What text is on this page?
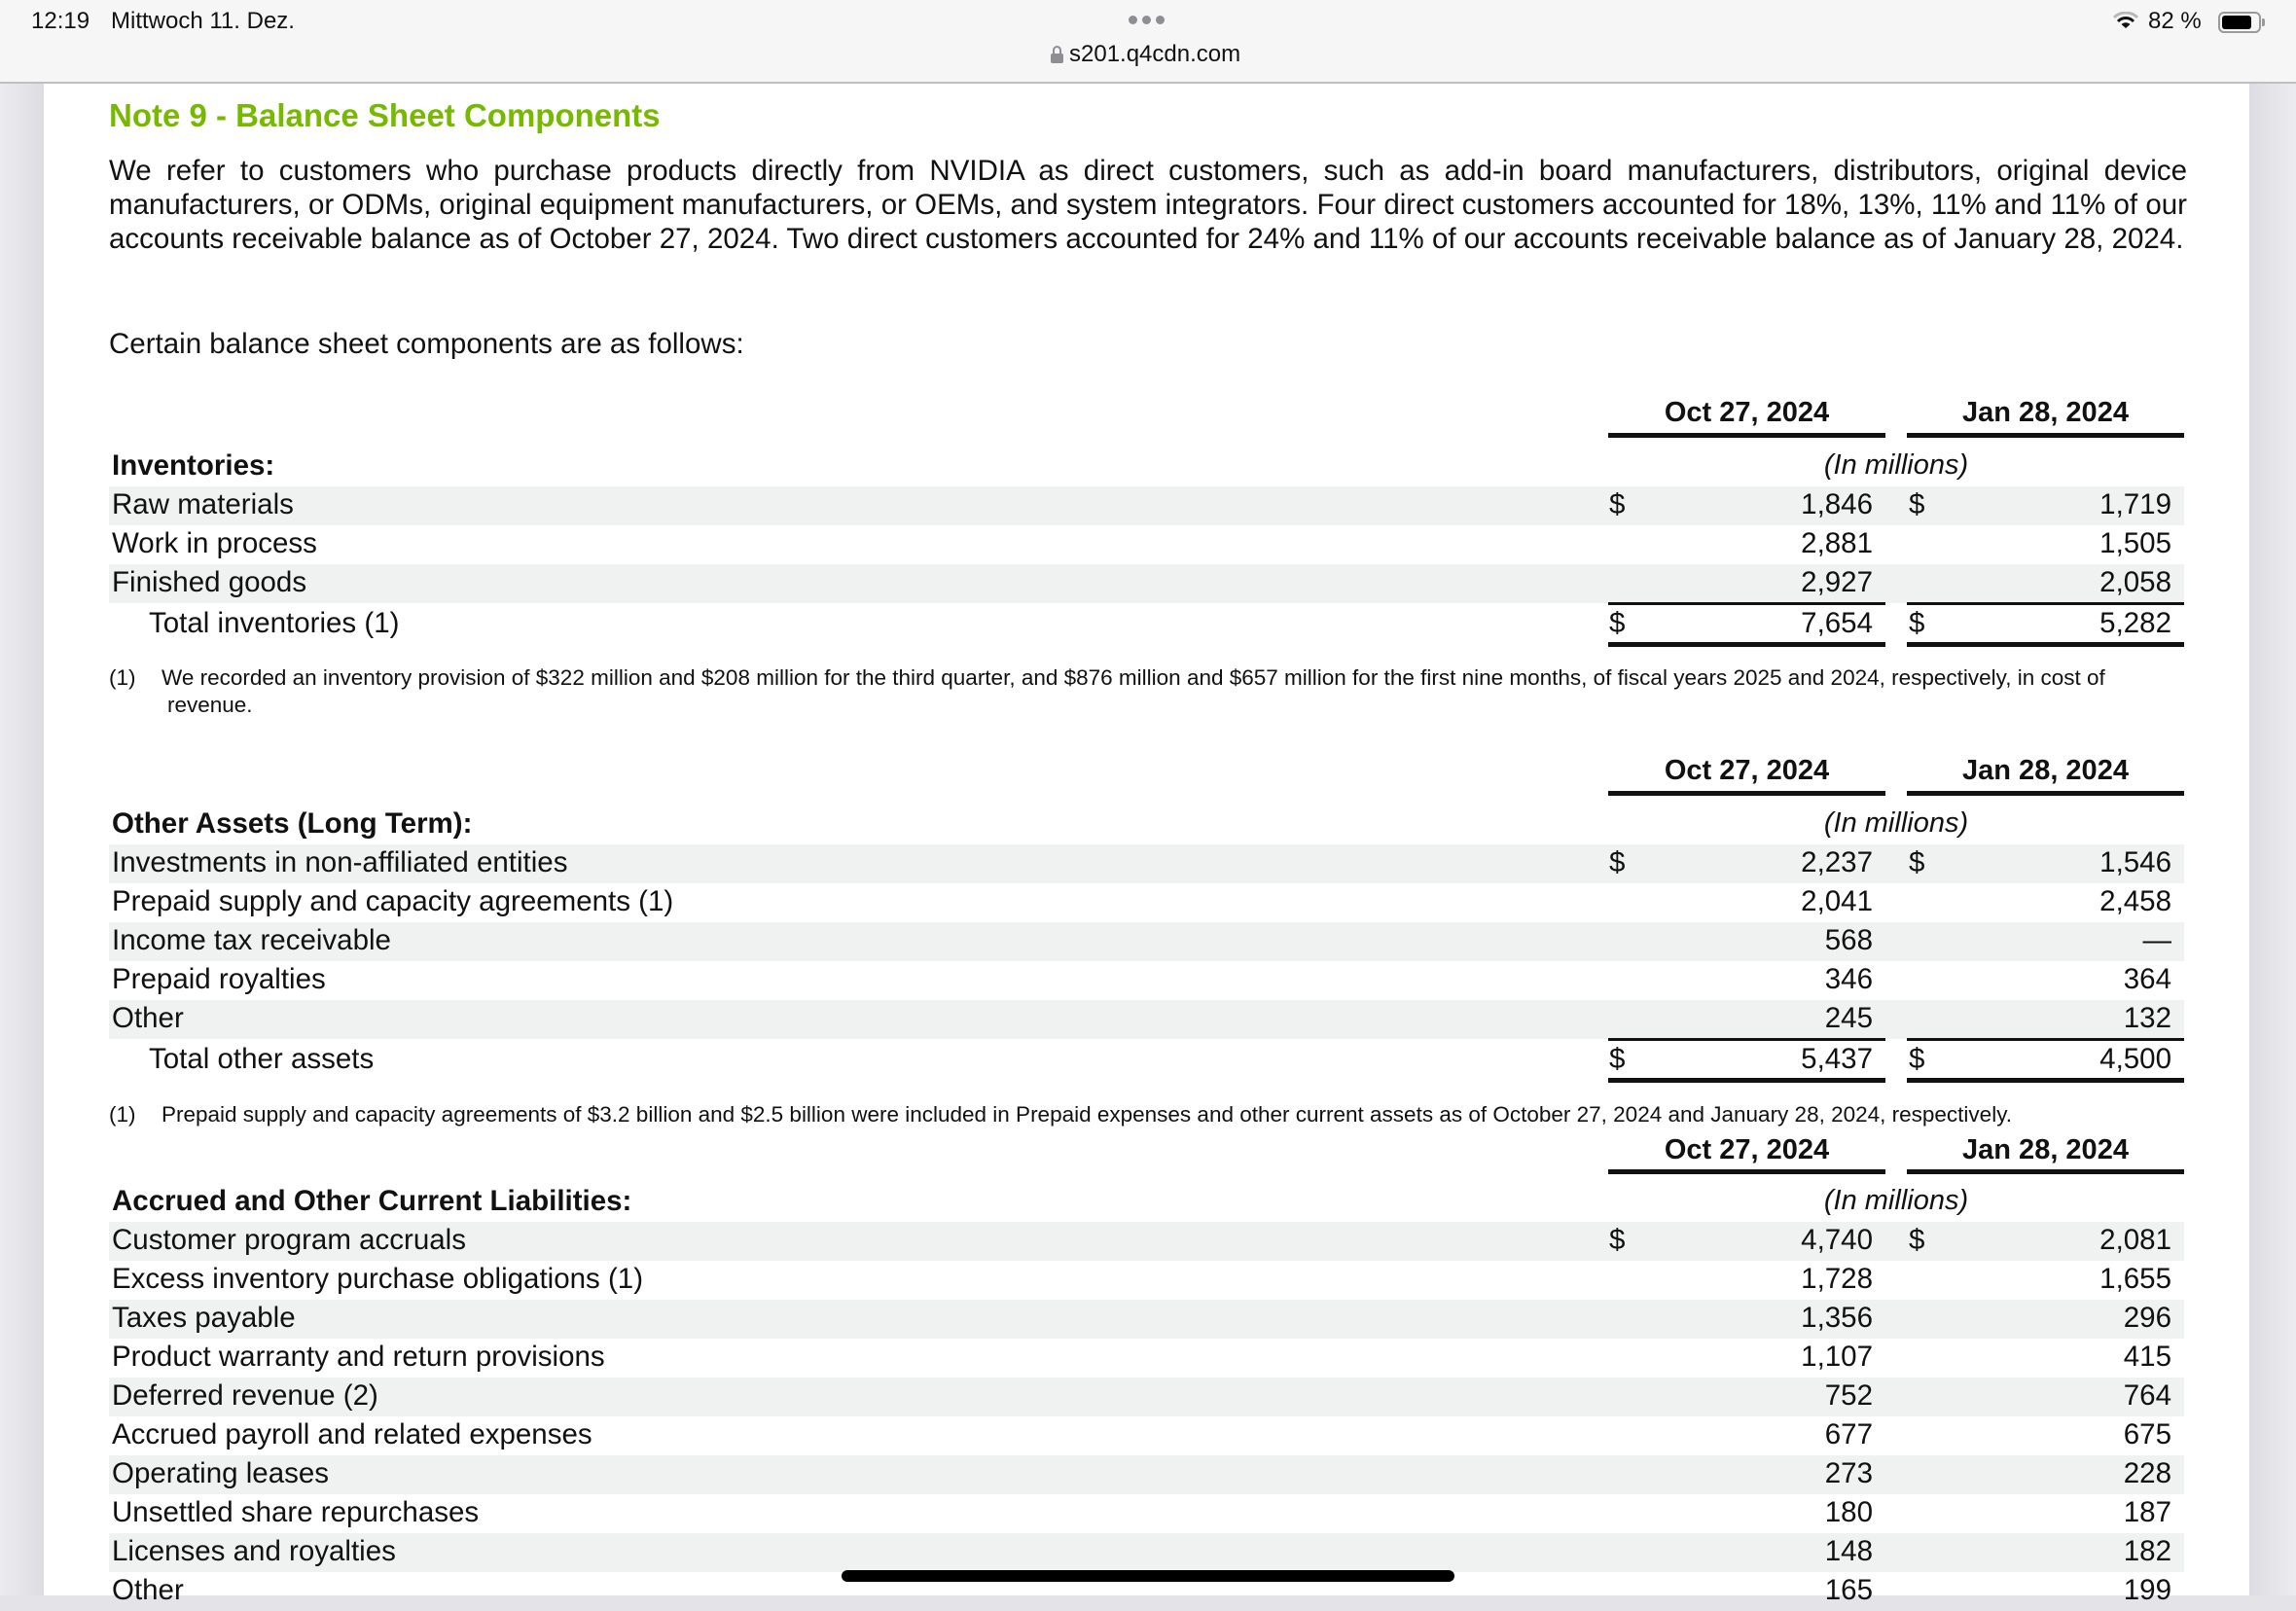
12:19 Mittwoch 11. Dez.
s201.q4cdn.com
82 %
Note 9 - Balance Sheet Components
We refer to customers who purchase products directly from NVIDIA as direct customers, such as add-in board manufacturers, distributors, original device manufacturers, or ODMs, original equipment manufacturers, or OEMs, and system integrators. Four direct customers accounted for 18%, 13%, 11% and 11% of our accounts receivable balance as of October 27, 2024. Two direct customers accounted for 24% and 11% of our accounts receivable balance as of January 28, 2024.
Certain balance sheet components are as follows:
Oct 27, 2024	Jan 28, 2024
Inventories:	(In millions)
Raw materials	$	1,846 $	1,719
Work in process	2,881	1,505
Finished goods	2,927	2,058
Total inventories (1)	$	7,654 $	5,282
(1) We recorded an inventory provision of $322 million and $208 million for the third quarter, and $876 million and $657 million for the first nine months, of fiscal years 2025 and 2024, respectively, in cost of
revenue.
Oct 27, 2024	Jan 28, 2024
Other Assets (Long Term):	(In millions)
Investments in non-affiliated entities	$	2,237 $	1,546
Prepaid supply and capacity agreements (1)	2,041	2,458
Income tax receivable	568	—
Prepaid royalties	346	364
Other	245	132
Total other assets	$	5,437 $	4,500
(1) Prepaid supply and capacity agreements of $3.2 billion and $2.5 billion were included in Prepaid expenses and other current assets as of October 27, 2024 and January 28, 2024, respectively.
Oct 27, 2024	Jan 28, 2024
Accrued and Other Current Liabilities:	(In millions)
Customer program accruals	$	4,740 $	2,081
Excess inventory purchase obligations (1)	1,728	1,655
Taxes payable	1,356	296
Product warranty and return provisions	1,107	415
Deferred revenue (2)	752	764
Accrued payroll and related expenses	677	675
Operating leases	273	228
Unsettled share repurchases	180	187
Licenses and royalties	148	182
Other	165	199
